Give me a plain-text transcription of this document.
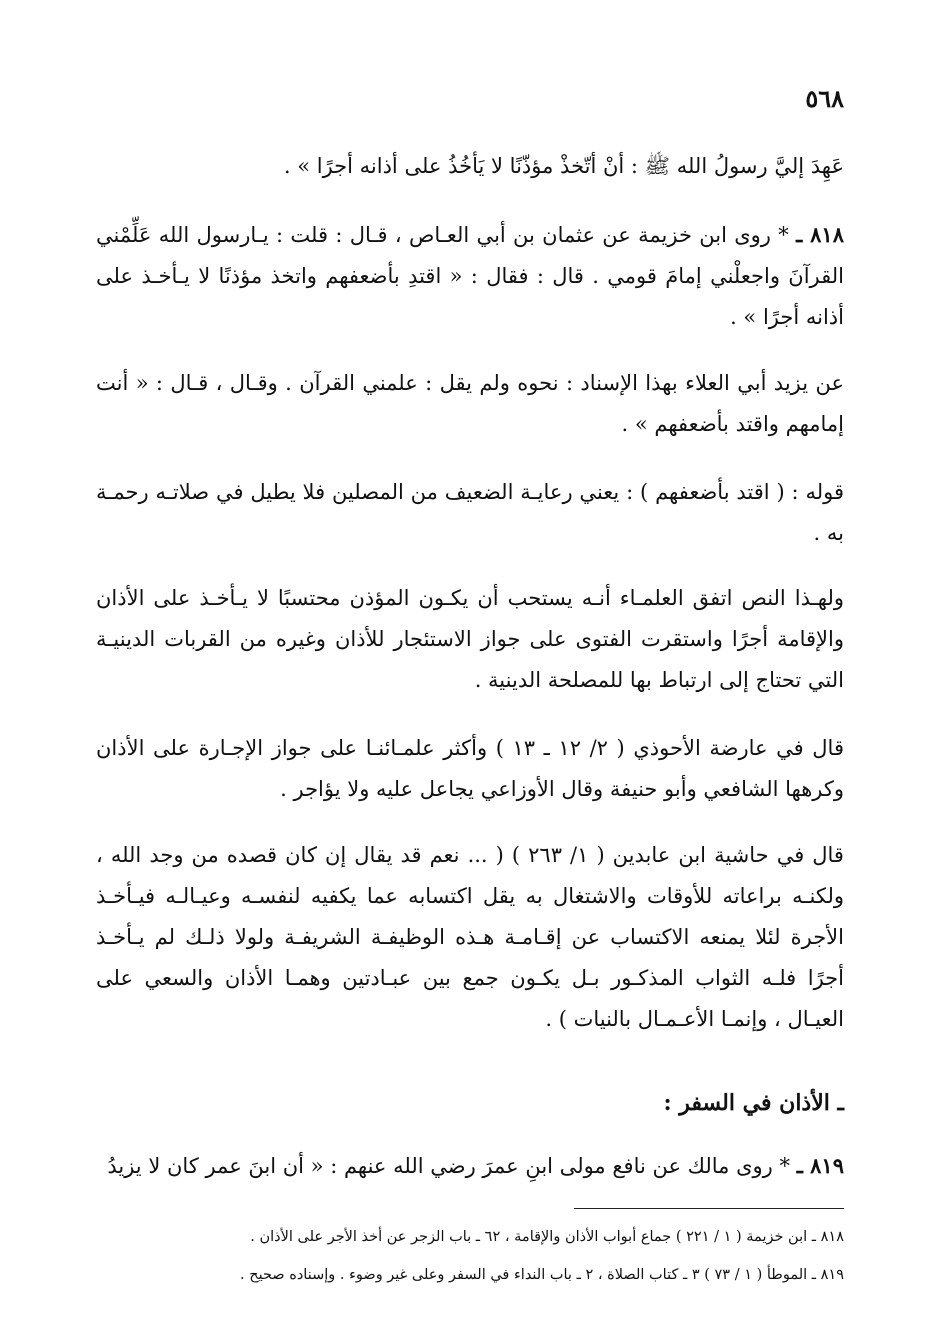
٥٦٨

عَهِدَ إليَّ رسولُ الله ﷺ : أنْ أتّخذْ مؤذّنًا لا يَأخُذُ على أذانه أجرًا » .

٨١٨ ـ * روى ابن خزيمة عن عثمان بن أبي العـاص ، قـال : قلت : يـارسول الله عَلِّمْني القرآنَ واجعلْني إمامَ قومي . قال : فقال : « اقتدِ بأضعفهم واتخذ مؤذنًا لا يـأخـذ على أذانه أجرًا » .

عن يزيد أبي العلاء بهذا الإسناد : نحوه ولم يقل : علمني القرآن . وقـال ، قـال : « أنت إمامهم واقتد بأضعفهم » .

قوله : ( اقتد بأضعفهم ) : يعني رعايـة الضعيف من المصلين فلا يطيل في صلاتـه رحمـة به .

ولهـذا النص اتفق العلمـاء أنـه يستحب أن يكـون المؤذن محتسبًا لا يـأخـذ على الأذان والإقامة أجرًا واستقرت الفتوى على جواز الاستئجار للأذان وغيره من القربات الدينيـة التي تحتاج إلى ارتباط بها للمصلحة الدينية .

قال في عارضة الأحوذي ( ٢/ ١٢ ـ ١٣ ) وأكثر علمـائنـا على جواز الإجـارة على الأذان وكرهها الشافعي وأبو حنيفة وقال الأوزاعي يجاعل عليه ولا يؤاجر .

قال في حاشية ابن عابدين ( ١/ ٢٦٣ ) ( ... نعم قد يقال إن كان قصده من وجد الله ، ولكنـه براعاته للأوقات والاشتغال به يقل اكتسابه عما يكفيه لنفسـه وعيـالـه فيـأخـذ الأجرة لئلا يمنعه الاكتساب عن إقـامـة هـذه الوظيفـة الشريفـة ولولا ذلـك لم يـأخـذ أجرًا فلـه الثواب المذكـور بـل يكـون جمع بين عبـادتين وهمـا الأذان والسعي على العيـال ، وإنمـا الأعـمـال بالنيات ) .

ـ الأذان في السفر :

٨١٩ ـ * روى مالك عن نافع مولى ابنِ عمرَ رضي الله عنهم : « أن ابنَ عمر كان لا يزيدُ

٨١٨ ـ ابن خزيمة ( ١ / ٢٢١ ) جماع أبواب الأذان والإقامة ، ٦٢ ـ باب الزجر عن أخذ الأجر على الأذان .
٨١٩ ـ الموطأ ( ١ / ٧٣ ) ٣ ـ كتاب الصلاة ، ٢ ـ باب النداء في السفر وعلى غير وضوء . وإسناده صحيح .
